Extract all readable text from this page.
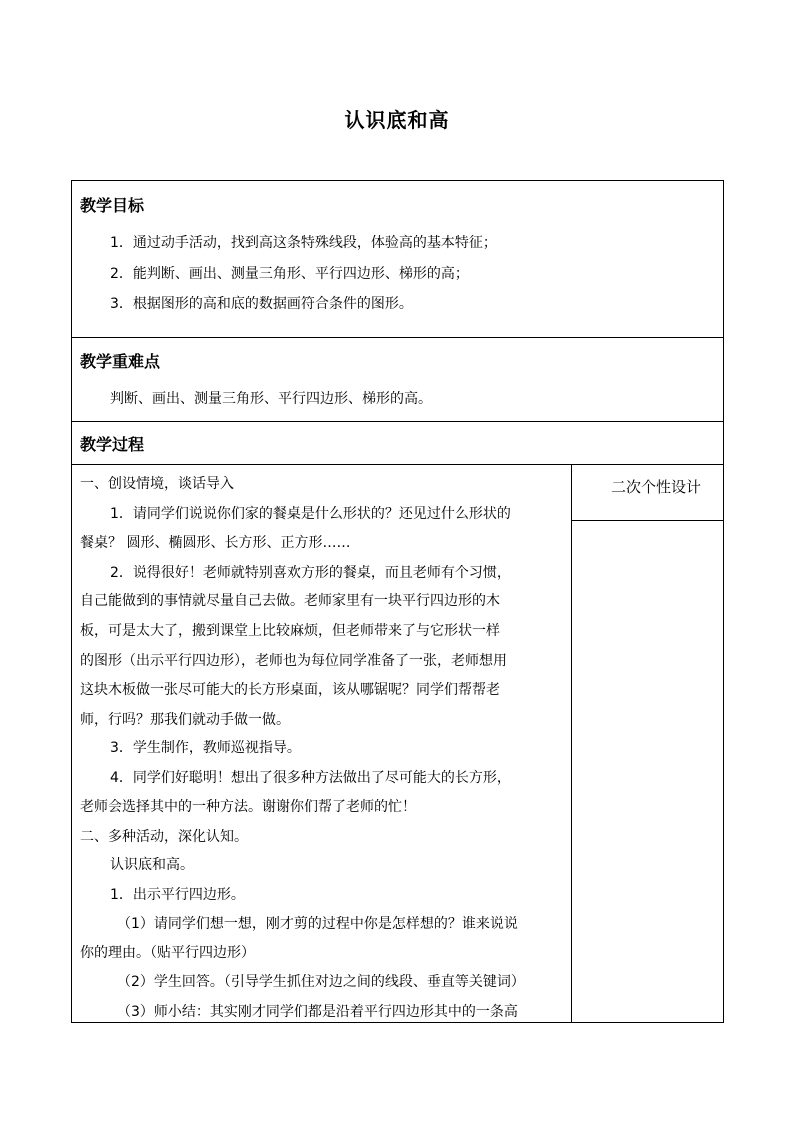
认识底和高
教学目标
1．通过动手活动，找到高这条特殊线段，体验高的基本特征；
2．能判断、画出、测量三角形、平行四边形、梯形的高；
3．根据图形的高和底的数据画符合条件的图形。
教学重难点
判断、画出、测量三角形、平行四边形、梯形的高。
教学过程
二次个性设计
一、创设情境，谈话导入
1．请同学们说说你们家的餐桌是什么形状的？还见过什么形状的
餐桌？ 圆形、椭圆形、长方形、正方形……
2．说得很好！老师就特别喜欢方形的餐桌，而且老师有个习惯，
自己能做到的事情就尽量自己去做。老师家里有一块平行四边形的木
板，可是太大了，搬到课堂上比较麻烦，但老师带来了与它形状一样
的图形（出示平行四边形），老师也为每位同学准备了一张，老师想用
这块木板做一张尽可能大的长方形桌面，该从哪锯呢？同学们帮帮老
师，行吗？那我们就动手做一做。
3．学生制作，教师巡视指导。
4．同学们好聪明！想出了很多种方法做出了尽可能大的长方形，
老师会选择其中的一种方法。谢谢你们帮了老师的忙！
二、多种活动，深化认知。
认识底和高。
1．出示平行四边形。
（1）请同学们想一想，刚才剪的过程中你是怎样想的？谁来说说
你的理由。（贴平行四边形）
（2）学生回答。（引导学生抓住对边之间的线段、垂直等关键词）
（3）师小结：其实刚才同学们都是沿着平行四边形其中的一条高
